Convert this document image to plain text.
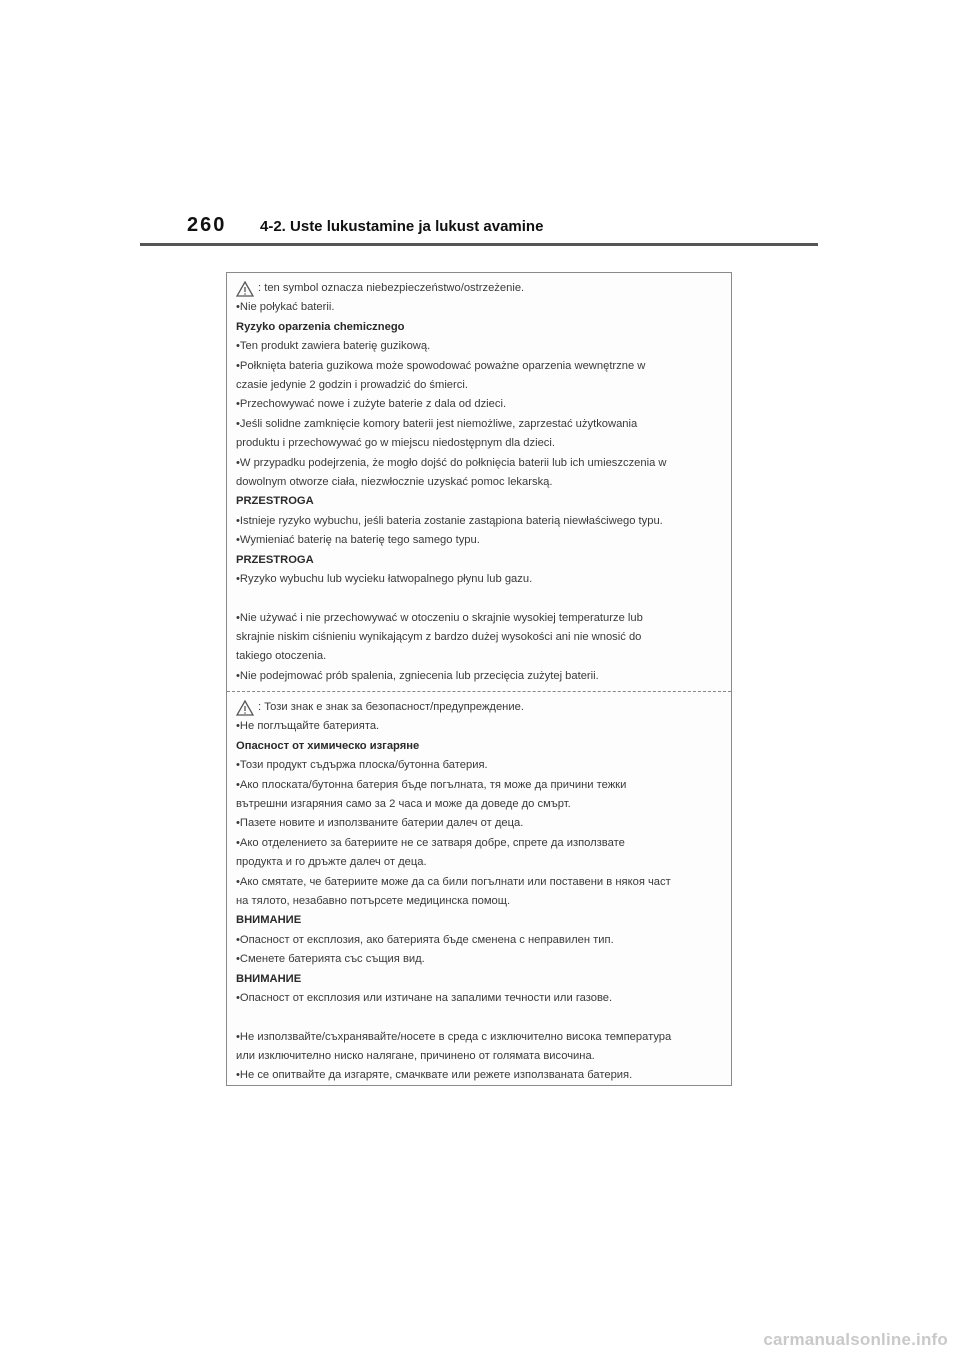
260 4-2. Uste lukustamine ja lukust avamine
: ten symbol oznacza niebezpieczeństwo/ostrzeżenie.
•Nie połykać baterii.
Ryzyko oparzenia chemicznego
•Ten produkt zawiera baterię guzikową.
•Połknięta bateria guzikowa może spowodować poważne oparzenia wewnętrzne w
czasie jedynie 2 godzin i prowadzić do śmierci.
•Przechowywać nowe i zużyte baterie z dala od dzieci.
•Jeśli solidne zamknięcie komory baterii jest niemożliwe, zaprzestać użytkowania
produktu i przechowywać go w miejscu niedostępnym dla dzieci.
•W przypadku podejrzenia, że mogło dojść do połknięcia baterii lub ich umieszczenia w
dowolnym otworze ciała, niezwłocznie uzyskać pomoc lekarską.
PRZESTROGA
•Istnieje ryzyko wybuchu, jeśli bateria zostanie zastąpiona baterią niewłaściwego typu.
•Wymieniać baterię na baterię tego samego typu.
PRZESTROGA
•Ryzyko wybuchu lub wycieku łatwopalnego płynu lub gazu.
•Nie używać i nie przechowywać w otoczeniu o skrajnie wysokiej temperaturze lub
skrajnie niskim ciśnieniu wynikającym z bardzo dużej wysokości ani nie wnosić do
takiego otoczenia.
•Nie podejmować prób spalenia, zgniecenia lub przecięcia zużytej baterii.
: Този знак е знак за безопасност/предупреждение.
•Не поглъщайте батерията.
Опасност от химическо изгаряне
•Този продукт съдържа плоска/бутонна батерия.
•Ако плоската/бутонна батерия бъде погълната, тя може да причини тежки
вътрешни изгаряния само за 2 часа и може да доведе до смърт.
•Пазете новите и използваните батерии далеч от деца.
•Ако отделението за батериите не се затваря добре, спрете да използвате
продукта и го дръжте далеч от деца.
•Ако смятате, че батериите може да са били погълнати или поставени в някоя част
на тялото, незабавно потърсете медицинска помощ.
ВНИМАНИЕ
•Опасност от експлозия, ако батерията бъде сменена с неправилен тип.
•Сменете батерията със същия вид.
ВНИМАНИЕ
•Опасност от експлозия или изтичане на запалими течности или газове.
•Не използвайте/съхранявайте/носете в среда с изключително висока температура
или изключително ниско налягане, причинено от голямата височина.
•Не се опитвайте да изгаряте, смачквате или режете използваната батерия.
carmanualsonline.info
